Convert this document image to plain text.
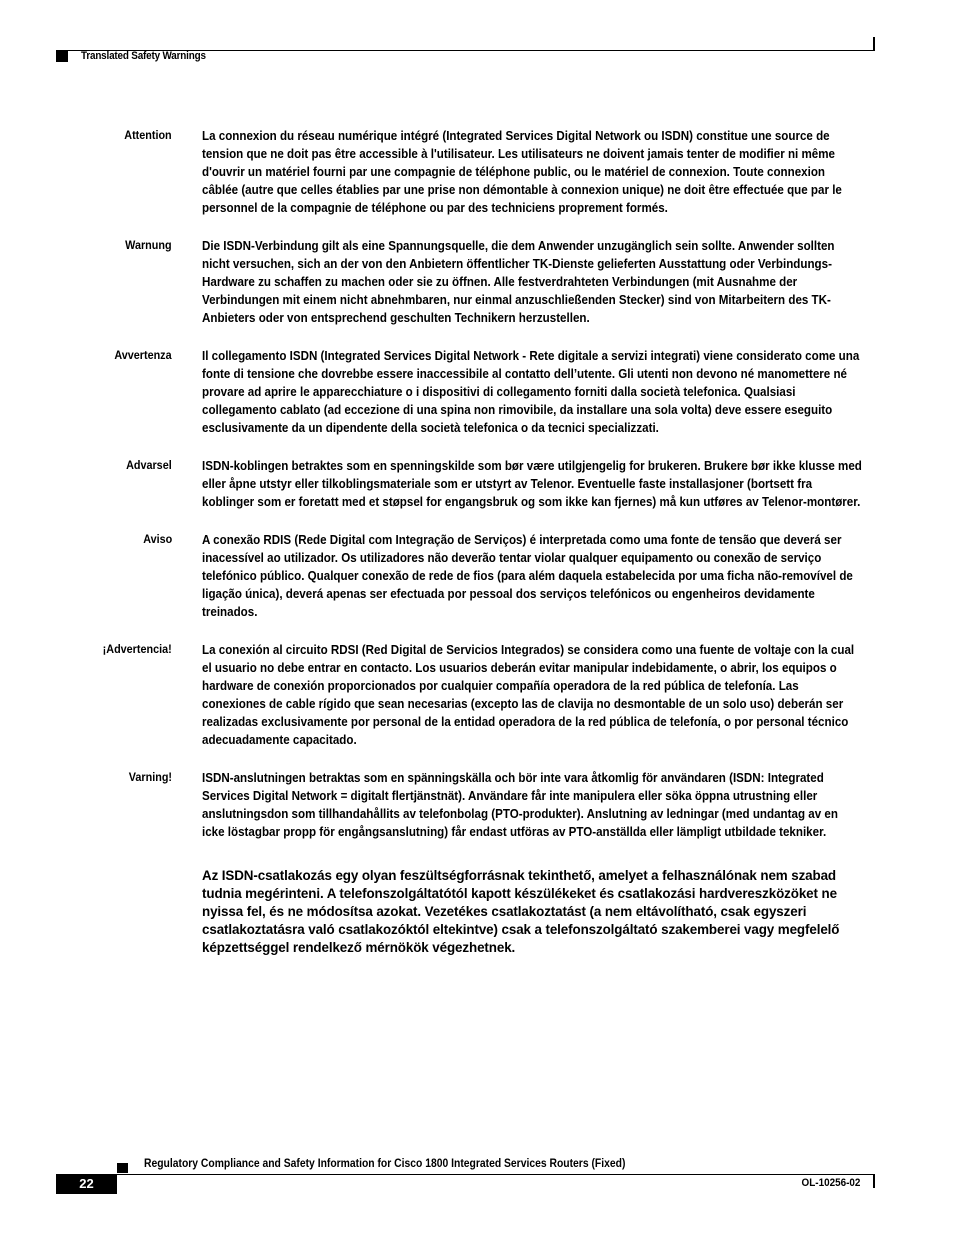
Translated Safety Warnings
Attention La connexion du réseau numérique intégré (Integrated Services Digital Network ou ISDN) constitue une source de tension que ne doit pas être accessible à l'utilisateur. Les utilisateurs ne doivent jamais tenter de modifier ni même d'ouvrir un matériel fourni par une compagnie de téléphone public, ou le matériel de connexion. Toute connexion câblée (autre que celles établies par une prise non démontable à connexion unique) ne doit être effectuée que par le personnel de la compagnie de téléphone ou par des techniciens proprement formés.
Warnung Die ISDN-Verbindung gilt als eine Spannungsquelle, die dem Anwender unzugänglich sein sollte. Anwender sollten nicht versuchen, sich an der von den Anbietern öffentlicher TK-Dienste gelieferten Ausstattung oder Verbindungs-Hardware zu schaffen zu machen oder sie zu öffnen. Alle festverdrahteten Verbindungen (mit Ausnahme der Verbindungen mit einem nicht abnehmbaren, nur einmal anzuschließenden Stecker) sind von Mitarbeitern des TK-Anbieters oder von entsprechend geschulten Technikern herzustellen.
Avvertenza Il collegamento ISDN (Integrated Services Digital Network - Rete digitale a servizi integrati) viene considerato come una fonte di tensione che dovrebbe essere inaccessibile al contatto dell’utente. Gli utenti non devono né manomettere né provare ad aprire le apparecchiature o i dispositivi di collegamento forniti dalla società telefonica. Qualsiasi collegamento cablato (ad eccezione di una spina non rimovibile, da installare una sola volta) deve essere eseguito esclusivamente da un dipendente della società telefonica o da tecnici specializzati.
Advarsel ISDN-koblingen betraktes som en spenningskilde som bør være utilgjengelig for brukeren. Brukere bør ikke klusse med eller åpne utstyr eller tilkoblingsmateriale som er utstyrt av Telenor. Eventuelle faste installasjoner (bortsett fra koblinger som er foretatt med et støpsel for engangsbruk og som ikke kan fjernes) må kun utføres av Telenor-montører.
Aviso A conexão RDIS (Rede Digital com Integração de Serviços) é interpretada como uma fonte de tensão que deverá ser inacessível ao utilizador. Os utilizadores não deverão tentar violar qualquer equipamento ou conexão de serviço telefónico público. Qualquer conexão de rede de fios (para além daquela estabelecida por uma ficha não-removível de ligação única), deverá apenas ser efectuada por pessoal dos serviços telefónicos ou engenheiros devidamente treinados.
¡Advertencia! La conexión al circuito RDSI (Red Digital de Servicios Integrados) se considera como una fuente de voltaje con la cual el usuario no debe entrar en contacto. Los usuarios deberán evitar manipular indebidamente, o abrir, los equipos o hardware de conexión proporcionados por cualquier compañía operadora de la red pública de telefonía. Las conexiones de cable rígido que sean necesarias (excepto las de clavija no desmontable de un solo uso) deberán ser realizadas exclusivamente por personal de la entidad operadora de la red pública de telefonía, o por personal técnico adecuadamente capacitado.
Varning! ISDN-anslutningen betraktas som en spänningskälla och bör inte vara åtkomlig för användaren (ISDN: Integrated Services Digital Network = digitalt flertjänstnät). Användare får inte manipulera eller söka öppna utrustning eller anslutningsdon som tillhandahållits av telefonbolag (PTO-produkter). Anslutning av ledningar (med undantag av en icke löstagbar propp för engångsanslutning) får endast utföras av PTO-anställda eller lämpligt utbildade tekniker.
Az ISDN-csatlakozás egy olyan feszültségforrásnak tekinthető, amelyet a felhasználónak nem szabad tudnia megérinteni. A telefonszolgáltatótól kapott készülékeket és csatlakozási hardvereszközöket ne nyissa fel, és ne módosítsa azokat. Vezetékes csatlakoztatást (a nem eltávolítható, csak egyszeri csatlakoztatásra való csatlakozóktól eltekintve) csak a telefonszolgáltató szakemberei vagy megfelelő képzettséggel rendelkező mérnökök végezhetnek.
Regulatory Compliance and Safety Information for Cisco 1800 Integrated Services Routers (Fixed)
22	OL-10256-02
